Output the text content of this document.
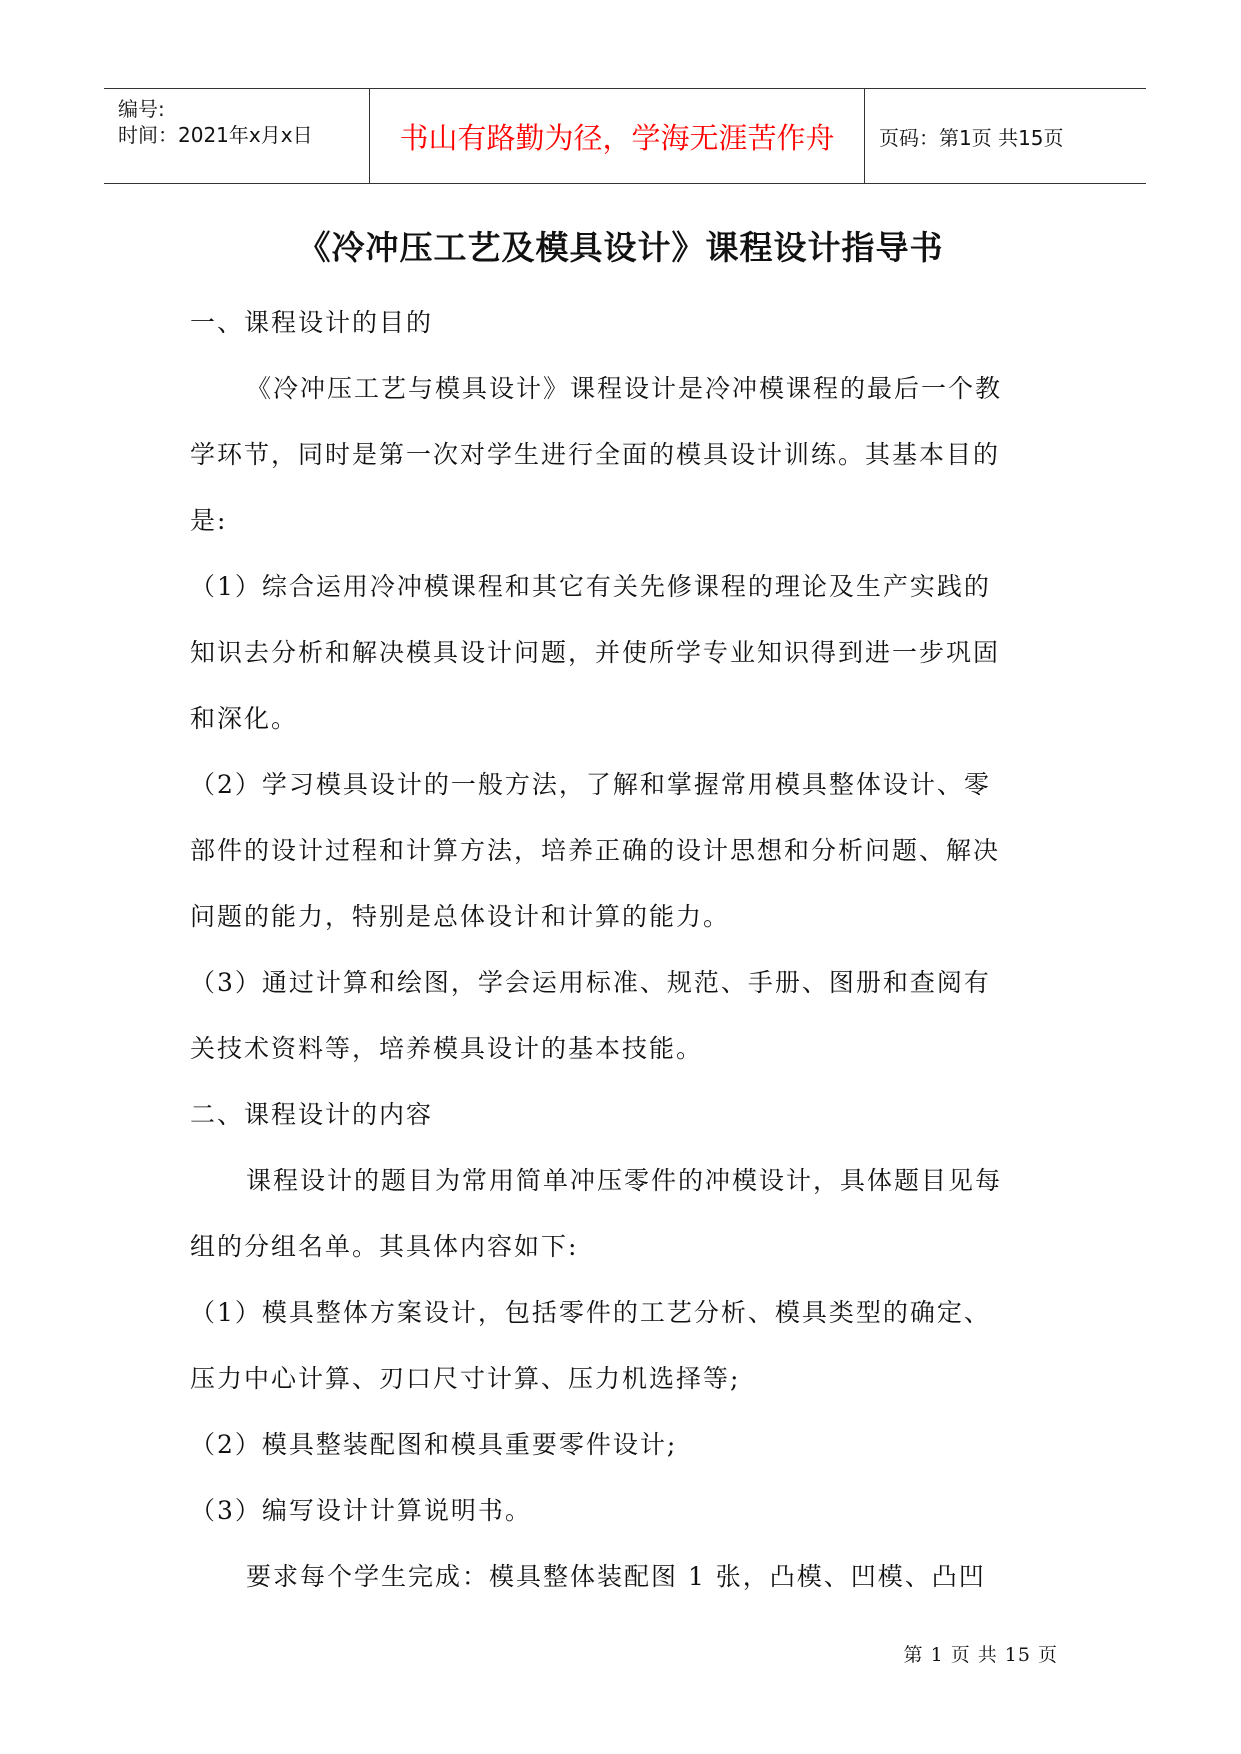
编号:
时间：2021年x月x日	书山有路勤为径，学海无涯苦作舟 页码：第1页 共15页
《冷冲压工艺及模具设计》课程设计指导书
一、课程设计的目的
《冷冲压工艺与模具设计》课程设计是冷冲模课程的最后一个教
学环节，同时是第一次对学生进行全面的模具设计训练。其基本目的
是:
（1）综合运用冷冲模课程和其它有关先修课程的理论及生产实践的
知识去分析和解决模具设计问题，并使所学专业知识得到进一步巩固
和深化。
（2）学习模具设计的一般方法，了解和掌握常用模具整体设计、零
部件的设计过程和计算方法，培养正确的设计思想和分析问题、解决
问题的能力，特别是总体设计和计算的能力。
（3）通过计算和绘图，学会运用标准、规范、手册、图册和查阅有
关技术资料等，培养模具设计的基本技能。
二、课程设计的内容
课程设计的题目为常用简单冲压零件的冲模设计，具体题目见每
组的分组名单。其具体内容如下:
（1）模具整体方案设计，包括零件的工艺分析、模具类型的确定、
压力中心计算、刃口尺寸计算、压力机选择等;
（2）模具整装配图和模具重要零件设计;
（3）编写设计计算说明书。
要求每个学生完成：模具整体装配图 1 张，凸模、凹模、凸凹
第 1 页 共 15 页
